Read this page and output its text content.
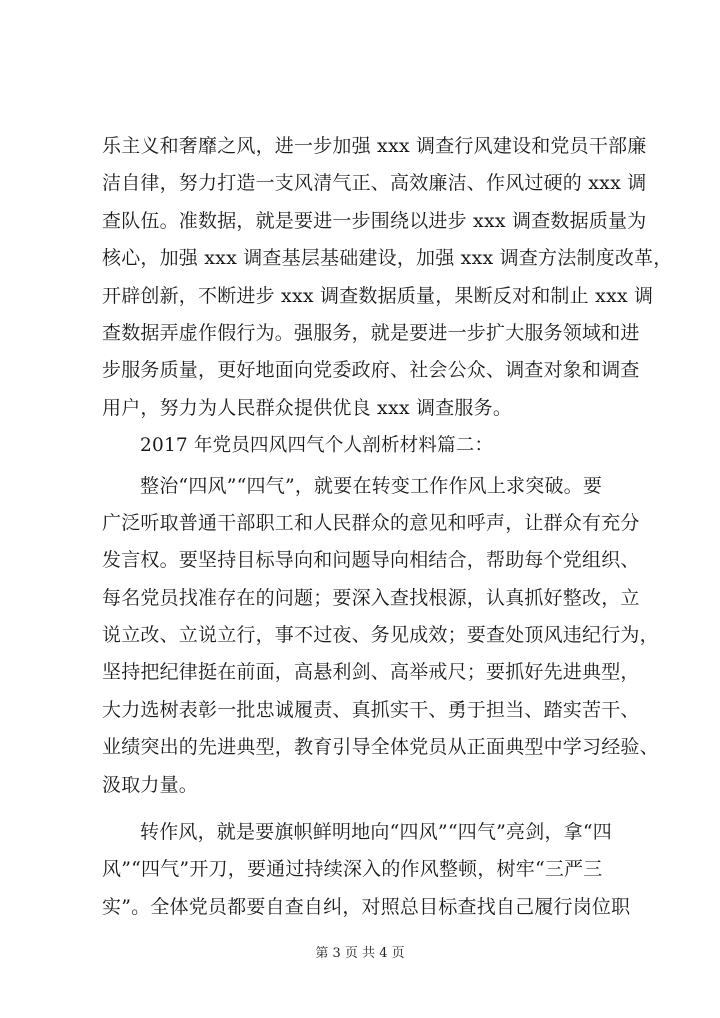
乐主义和奢靡之风，进一步加强 xxx 调查行风建设和党员干部廉
洁自律，努力打造一支风清气正、高效廉洁、作风过硬的 xxx 调
查队伍。准数据，就是要进一步围绕以进步 xxx 调查数据质量为
核心，加强 xxx 调查基层基础建设，加强 xxx 调查方法制度改革，
开辟创新，不断进步 xxx 调查数据质量，果断反对和制止 xxx 调
查数据弄虚作假行为。强服务，就是要进一步扩大服务领域和进
步服务质量，更好地面向党委政府、社会公众、调查对象和调查
用户，努力为人民群众提供优良 xxx 调查服务。
2017 年党员四风四气个人剖析材料篇二：
整治“四风”“四气”，就要在转变工作作风上求突破。要
广泛听取普通干部职工和人民群众的意见和呼声，让群众有充分
发言权。要坚持目标导向和问题导向相结合，帮助每个党组织、
每名党员找准存在的问题；要深入查找根源，认真抓好整改，立
说立改、立说立行，事不过夜、务见成效；要查处顶风违纪行为，
坚持把纪律挺在前面，高悬利剑、高举戒尺；要抓好先进典型，
大力选树表彰一批忠诚履责、真抓实干、勇于担当、踏实苦干、
业绩突出的先进典型，教育引导全体党员从正面典型中学习经验、
汲取力量。
转作风，就是要旗帜鲜明地向“四风”“四气”亮剑，拿“四
风”“四气”开刀，要通过持续深入的作风整顿，树牢“三严三
实”。全体党员都要自查自纠，对照总目标查找自己履行岗位职
第 3 页 共 4 页
